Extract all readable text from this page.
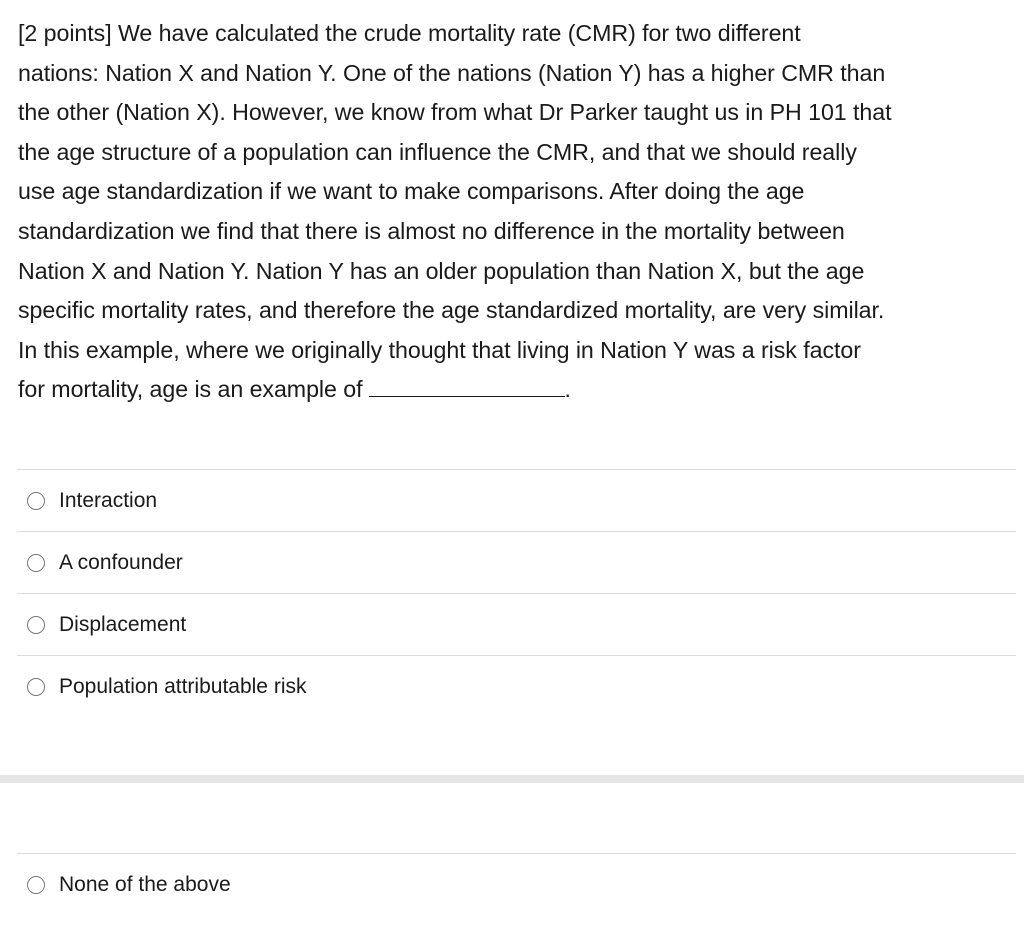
[2 points] We have calculated the crude mortality rate (CMR) for two different
nations: Nation X and Nation Y. One of the nations (Nation Y) has a higher CMR than
the other (Nation X). However, we know from what Dr Parker taught us in PH 101 that
the age structure of a population can influence the CMR, and that we should really
use age standardization if we want to make comparisons. After doing the age
standardization we find that there is almost no difference in the mortality between
Nation X and Nation Y. Nation Y has an older population than Nation X, but the age
specific mortality rates, and therefore the age standardized mortality, are very similar.
In this example, where we originally thought that living in Nation Y was a risk factor
for mortality, age is an example of	.
Interaction
A confounder
Displacement
Population attributable risk
None of the above
